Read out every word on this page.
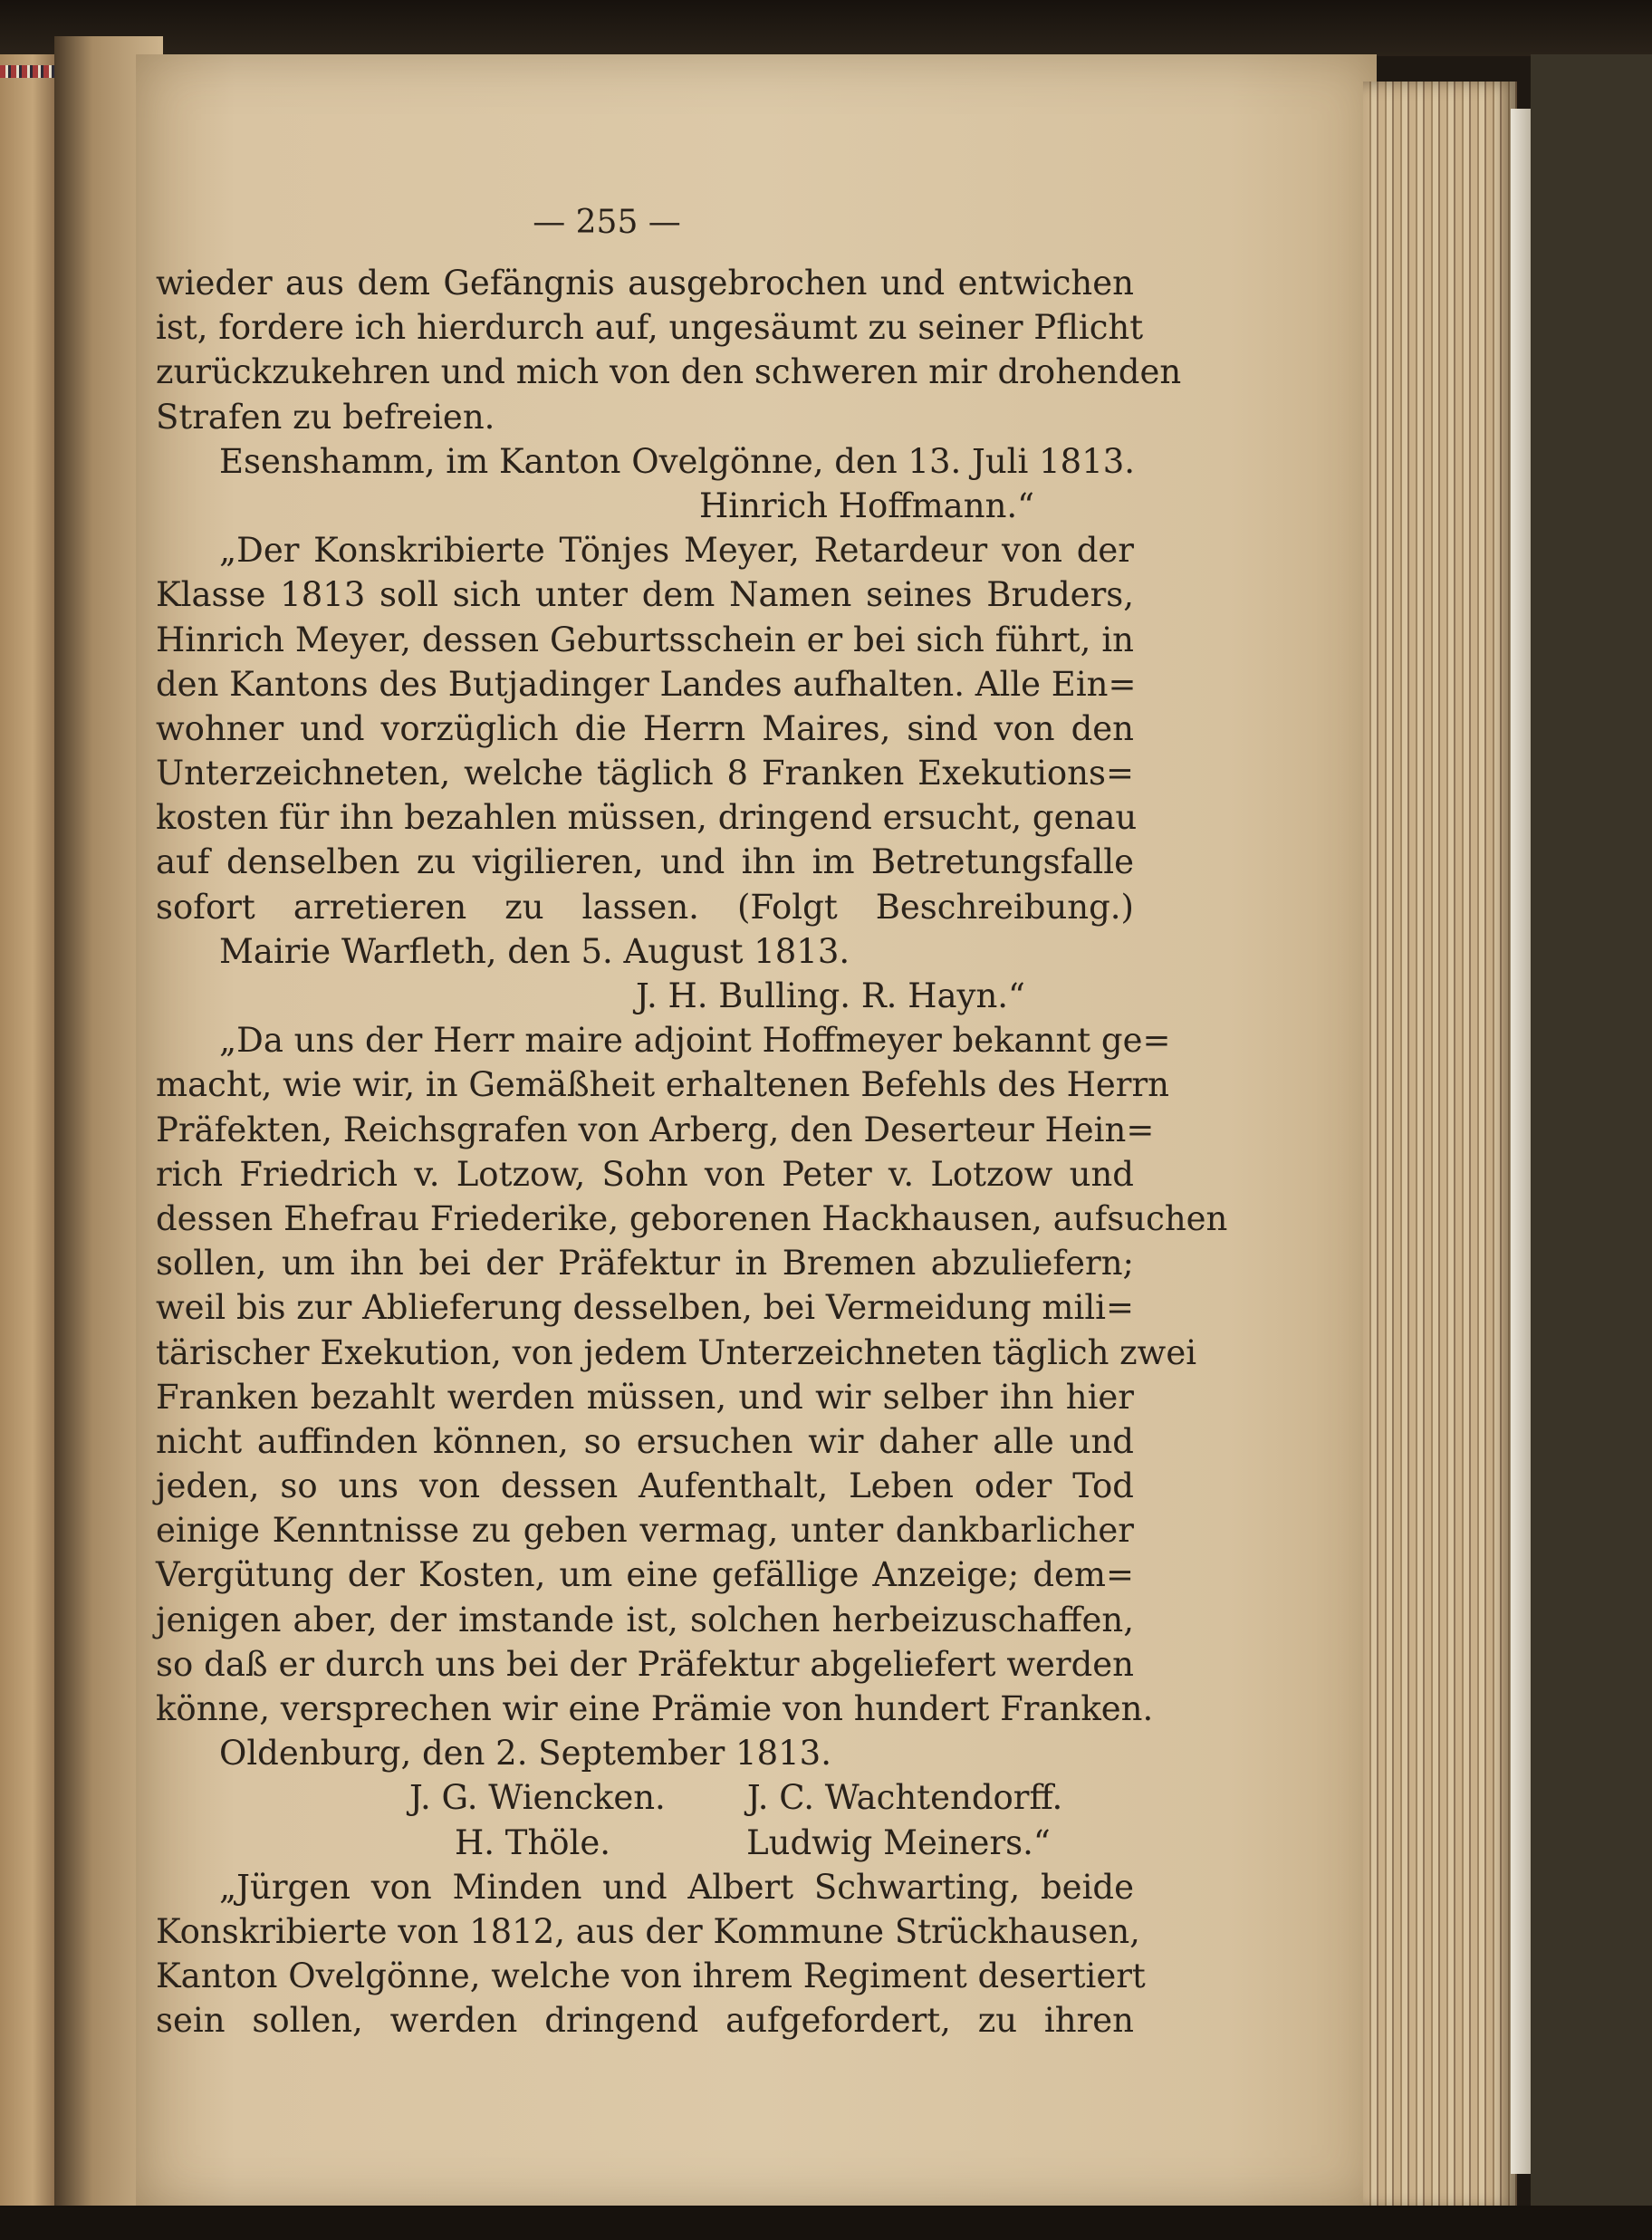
— 255 —
wieder aus dem Gefängnis ausgebrochen und entwichen
ist, fordere ich hierdurch auf, ungesäumt zu seiner Pflicht
zurückzukehren und mich von den schweren mir drohenden
Strafen zu befreien.
Esenshamm, im Kanton Ovelgönne, den 13. Juli 1813.
Hinrich Hoffmann.“
„Der Konskribierte Tönjes Meyer, Retardeur von der
Klasse 1813 soll sich unter dem Namen seines Bruders,
Hinrich Meyer, dessen Geburtsschein er bei sich führt, in
den Kantons des Butjadinger Landes aufhalten. Alle Ein=
wohner und vorzüglich die Herrn Maires, sind von den
Unterzeichneten, welche täglich 8 Franken Exekutions=
kosten für ihn bezahlen müssen, dringend ersucht, genau
auf denselben zu vigilieren, und ihn im Betretungsfalle
sofort arretieren zu lassen. (Folgt Beschreibung.)
Mairie Warfleth, den 5. August 1813.
J. H. Bulling. R. Hayn.“
„Da uns der Herr maire adjoint Hoffmeyer bekannt ge=
macht, wie wir, in Gemäßheit erhaltenen Befehls des Herrn
Präfekten, Reichsgrafen von Arberg, den Deserteur Hein=
rich Friedrich v. Lotzow, Sohn von Peter v. Lotzow und
dessen Ehefrau Friederike, geborenen Hackhausen, aufsuchen
sollen, um ihn bei der Präfektur in Bremen abzuliefern;
weil bis zur Ablieferung desselben, bei Vermeidung mili=
tärischer Exekution, von jedem Unterzeichneten täglich zwei
Franken bezahlt werden müssen, und wir selber ihn hier
nicht auffinden können, so ersuchen wir daher alle und
jeden, so uns von dessen Aufenthalt, Leben oder Tod
einige Kenntnisse zu geben vermag, unter dankbarlicher
Vergütung der Kosten, um eine gefällige Anzeige; dem=
jenigen aber, der imstande ist, solchen herbeizuschaffen,
so daß er durch uns bei der Präfektur abgeliefert werden
könne, versprechen wir eine Prämie von hundert Franken.
Oldenburg, den 2. September 1813.
J. G. Wiencken. J. C. Wachtendorff.
H. Thöle.	Ludwig Meiners.“
„Jürgen von Minden und Albert Schwarting, beide
Konskribierte von 1812, aus der Kommune Strückhausen,
Kanton Ovelgönne, welche von ihrem Regiment desertiert
sein sollen, werden dringend aufgefordert, zu ihren
